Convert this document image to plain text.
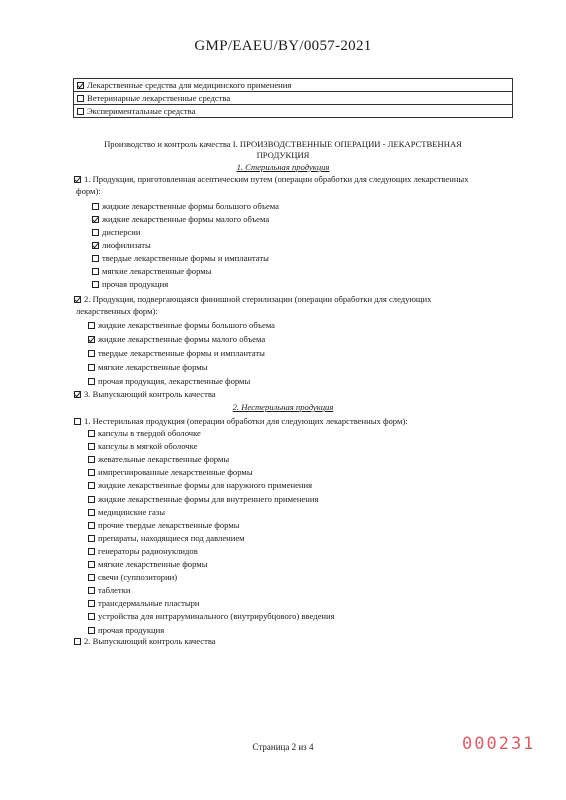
GMP/EAEU/BY/0057-2021
Лекарственные средства для медицинского применения
Ветеринарные лекарственные средства
Экспериментальные средства
Производство и контроль качества I. ПРОИЗВОДСТВЕННЫЕ ОПЕРАЦИИ - ЛЕКАРСТВЕННАЯ
ПРОДУКЦИЯ
1. Стерильная продукция
1. Продукция, приготовленная асептическим путем (операции обработки для следующих лекарственных
форм):
жидкие лекарственные формы большого объема
жидкие лекарственные формы малого объема
дисперсии
лиофилизаты
твердые лекарственные формы и имплантаты
мягкие лекарственные формы
прочая продукция
2. Продукция, подвергающаяся финишной стерилизации (операции обработки для следующих
лекарственных форм):
жидкие лекарственные формы большого объема
жидкие лекарственные формы малого объема
твердые лекарственные формы и имплантаты
мягкие лекарственные формы
прочая продукция, лекарственные формы
3. Выпускающий контроль качества
2. Нестерильная продукция
1. Нестерильная продукция (операции обработки для следующих лекарственных форм):
капсулы в твердой оболочке
капсулы в мягкой оболочке
жевательные лекарственные формы
импрегнированные лекарственные формы
жидкие лекарственные формы для наружного применения
жидкие лекарственные формы для внутреннего применения
медицинские газы
прочие твердые лекарственные формы
препараты, находящиеся под давлением
генераторы радионуклидов
мягкие лекарственные формы
свечи (суппозитории)
таблетки
трансдермальные пластыри
устройства для интраруминального (внутрирубцового) введения
прочая продукция
2. Выпускающий контроль качества
Страница 2 из 4	000231
